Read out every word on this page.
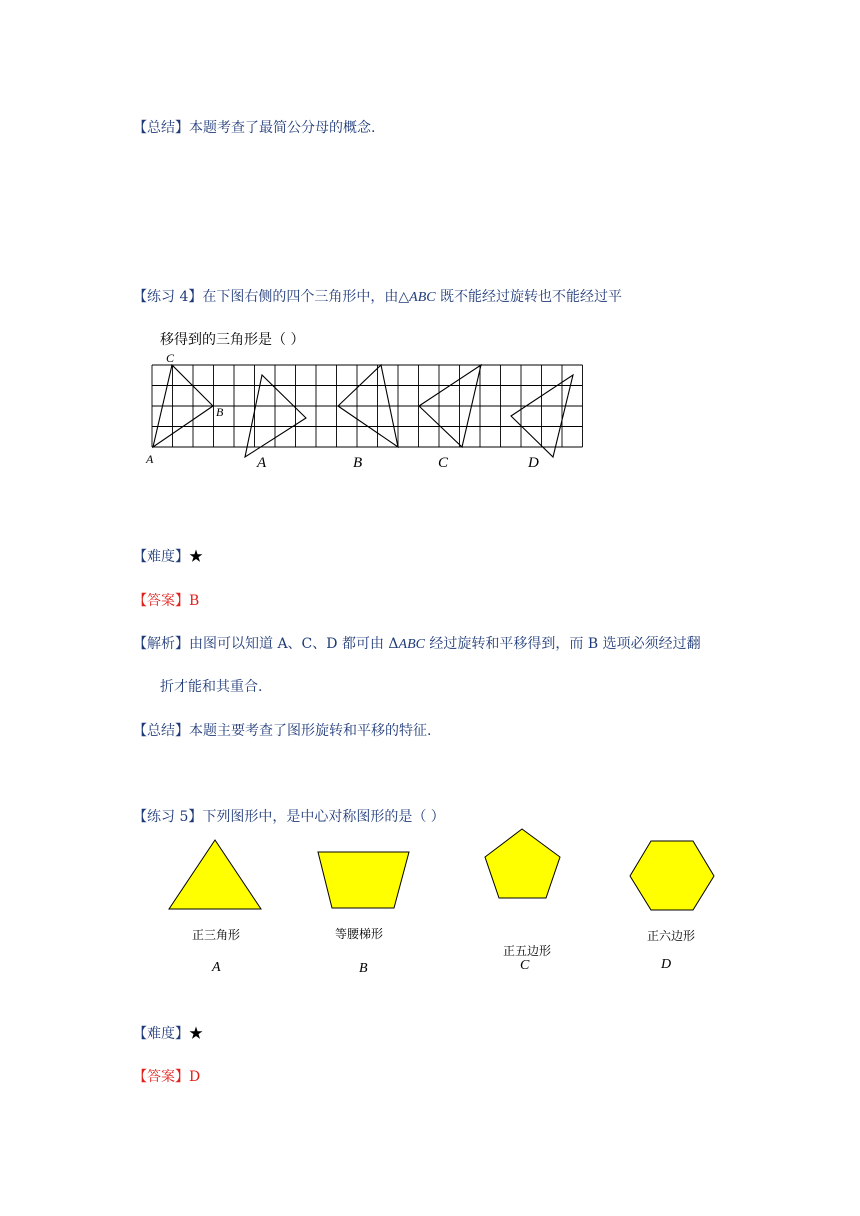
【总结】本题考查了最简公分母的概念.
【练习 4】在下图右侧的四个三角形中，由△ABC 既不能经过旋转也不能经过平
移得到的三角形是（ ）
C
B
A	A	B	C	D
【难度】★
【答案】B
【解析】由图可以知道 A、C、D 都可由 ΔABC 经过旋转和平移得到，而 B 选项必须经过翻
折才能和其重合.
【总结】本题主要考查了图形旋转和平移的特征.
【练习 5】下列图形中，是中心对称图形的是（ ）
正三角形	等腰梯形
正五边形
正六边形
A	B	C	D
【难度】★
【答案】D
